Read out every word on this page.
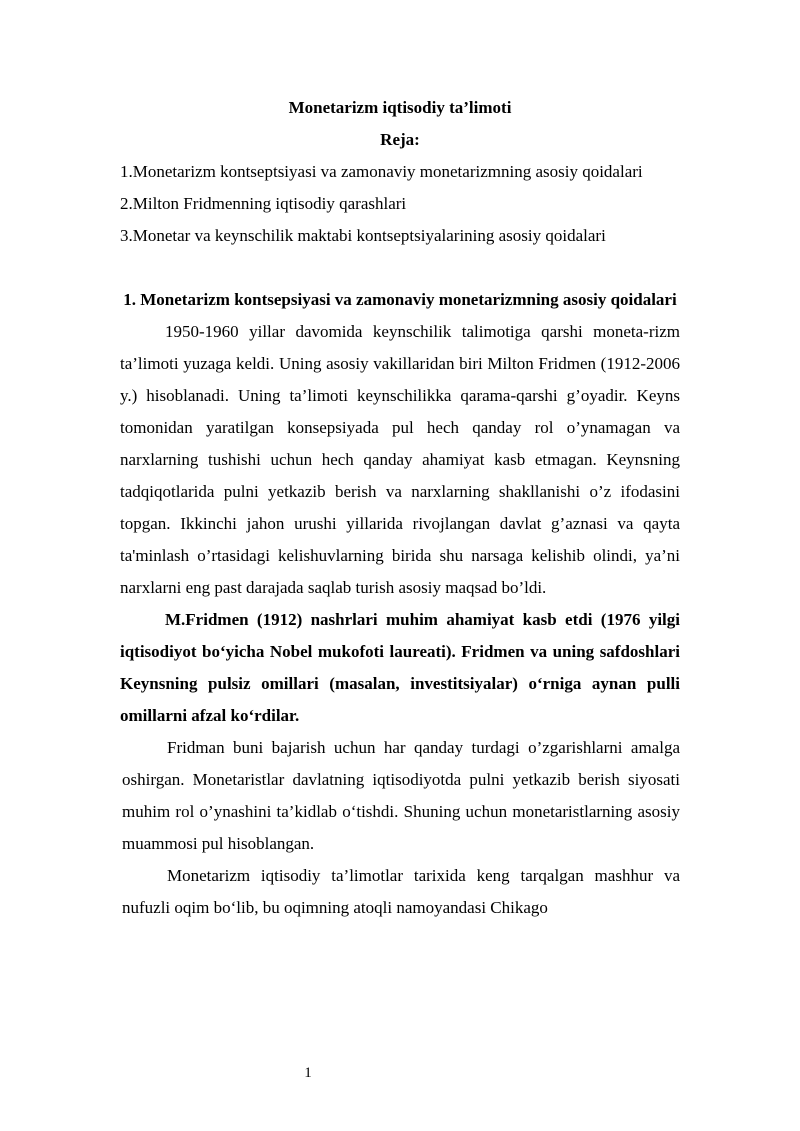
Monetarizm iqtisodiy ta’limoti

Reja:

1.Monetarizm kontseptsiyasi va zamonaviy monetarizmning asosiy qoidalari

2.Milton Fridmenning iqtisodiy qarashlari

3.Monetar va keynschilik maktabi kontseptsiyalarining asosiy qoidalari

1. Monetarizm kontsepsiyasi va zamonaviy monetarizmning asosiy qoidalari

1950-1960 yillar davomida keynschilik talimotiga qarshi moneta-rizm ta’limoti yuzaga keldi. Uning asosiy vakillaridan biri Milton Fridmen (1912-2006 y.) hisoblanadi. Uning ta’limoti keynschilikka qarama-qarshi g’oyadir. Keyns tomonidan yaratilgan konsepsiyada pul hech qanday rol o’ynamagan va narxlarning tushishi uchun hech qanday ahamiyat kasb etmagan. Keynsning tadqiqotlarida pulni yetkazib berish va narxlarning shakllanishi o’z ifodasini topgan. Ikkinchi jahon urushi yillarida rivojlangan davlat g’aznasi va qayta ta'minlash o’rtasidagi kelishuvlarning birida shu narsaga kelishib olindi, ya’ni narxlarni eng past darajada saqlab turish asosiy maqsad bo’ldi.

M.Fridmen (1912) nashrlari muhim ahamiyat kasb etdi (1976 yilgi iqtisodiyot bo‘yicha Nobel mukofoti laureati). Fridmen va uning safdoshlari Keynsning pulsiz omillari (masalan, investitsiyalar) o‘rniga aynan pulli omillarni afzal ko‘rdilar.

Fridman buni bajarish uchun har qanday turdagi o’zgarishlarni amalga oshirgan. Monetaristlar davlatning iqtisodiyotda pulni yetkazib berish siyosati muhim rol o’ynashini ta’kidlab o‘tishdi. Shuning uchun monetaristlarning asosiy muammosi pul hisoblangan.

Monetarizm iqtisodiy ta’limotlar tarixida keng tarqalgan mashhur va nufuzli oqim bo‘lib, bu oqimning atoqli namoyandasi Chikago

1
